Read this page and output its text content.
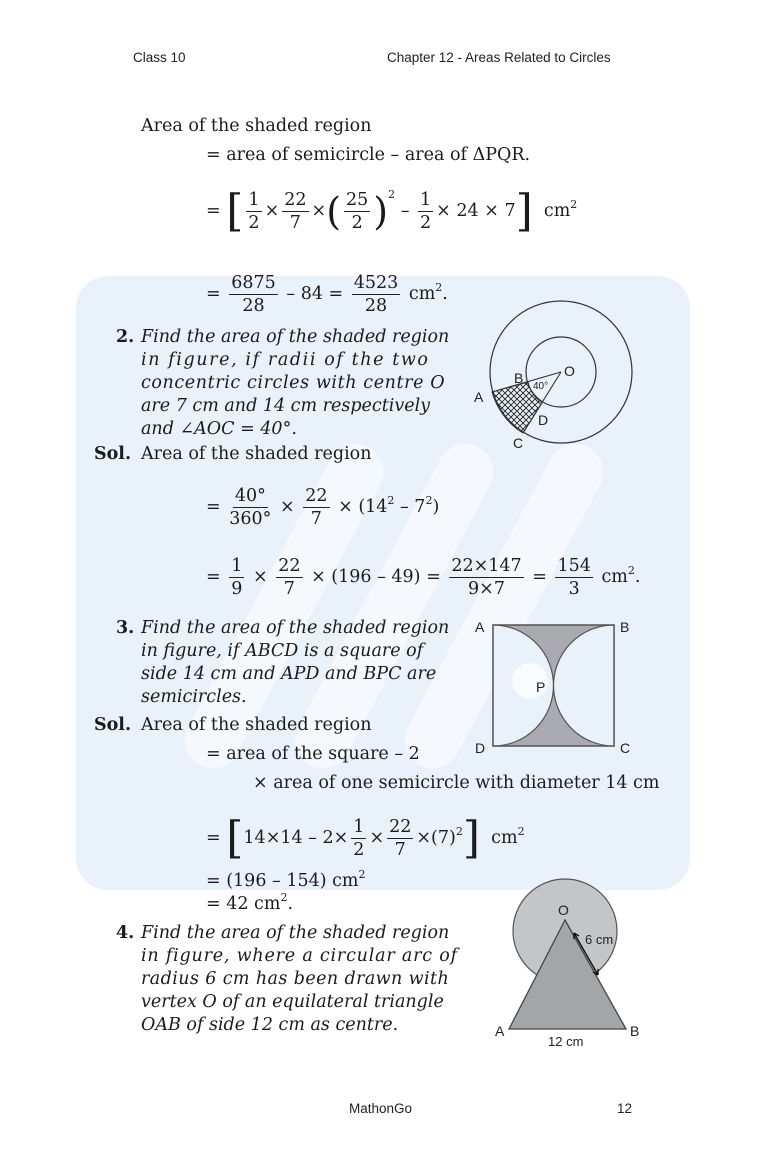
Class 10	Chapter 12 - Areas Related to Circles
Area of the shaded region
= area of semicircle – area of ΔPQR.
= [ $\frac{1}{2} \times \frac{22}{7}$ ×( $\frac{25}{2} )^2 - \frac{1}{2} \times 24 \times 7$] $cm^2$
= $\frac{6875}{28} - 84 = \frac{4523}{28} cm^2$.
2. Find the area of the shaded region
in figure, if radii of the two
concentric circles with centre O
are 7 cm and 14 cm respectively
and ∠AOC = 40°.
Sol. Area of the shaded region
= $\frac{40^\circ}{360^\circ} \times \frac{22}{7} \times (14^2 - 7^2)$
= $\frac{1}{9} \times \frac{22}{7} \times (196 - 49) = \frac{22\times 147}{9\times 7} = \frac{154}{3} cm^2$.
O
B
A
D
C
40°
3. Find the area of the shaded region
in figure, if ABCD is a square of
side 14 cm and APD and BPC are
semicircles.
Sol. Area of the shaded region
= area of the square – 2
× area of one semicircle with diameter 14 cm
= $[14\times 14 - 2\times \frac{1}{2} \times \frac{22}{7} \times(7)^2]$ $cm^2$
= (196 – 154) $cm^2$
= 42 $cm^2$.
A	B
C
D
P
4. Find the area of the shaded region
in figure, where a circular arc of
radius 6 cm has been drawn with
vertex O of an equilateral triangle
OAB of side 12 cm as centre.
O
6 cm
A	B
12 cm
MathonGo	12
